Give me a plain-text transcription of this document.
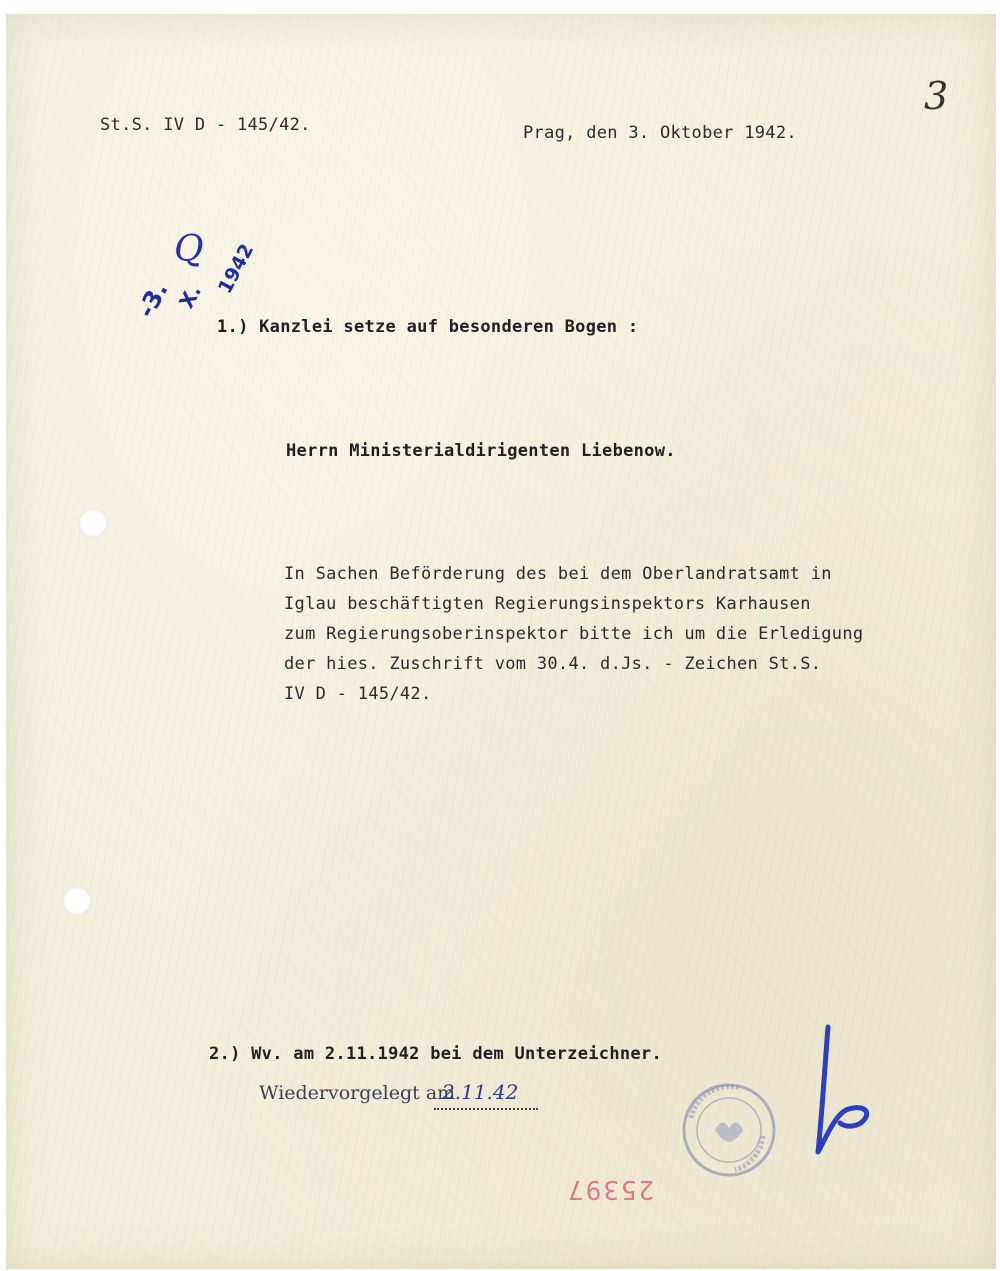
St.S. IV D - 145/42.	Prag, den 3. Oktober 1942.

3

Q
-3. X. 1942

1.) Kanzlei setze auf besonderen Bogen :

Herrn Ministerialdirigenten Liebenow.

In Sachen Beförderung des bei dem Oberlandratsamt in

Iglau beschäftigten Regierungsinspektors Karhausen

zum Regierungsoberinspektor bitte ich um die Erledigung

der hies. Zuschrift vom 30.4. d.Js. - Zeichen St.S.

IV D - 145/42.

2.) Wv. am 2.11.1942 bei dem Unterzeichner.

Wiedervorgelegt am
2.11.42
25397
